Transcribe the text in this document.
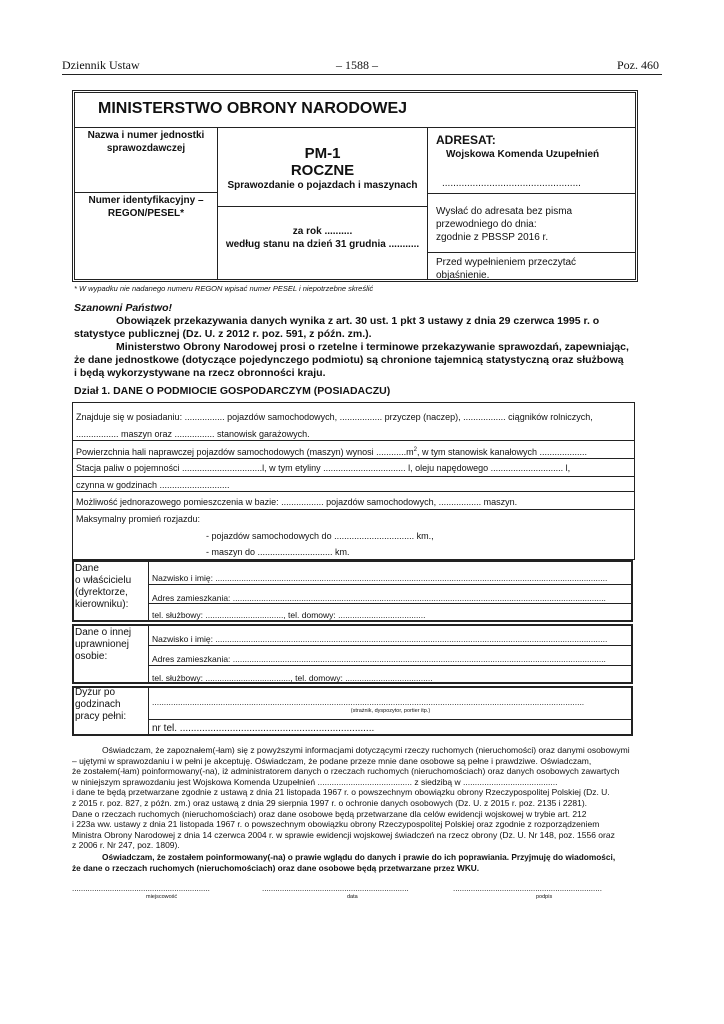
Dziennik Ustaw	– 1588 –	Poz. 460
MINISTERSTWO OBRONY NARODOWEJ
Nazwa i numer jednostki
sprawozdawczej
Numer identyfikacyjny –
REGON/PESEL*
PM-1
ROCZNE
Sprawozdanie o pojazdach i maszynach
za rok ..........
według stanu na dzień 31 grudnia ...........
ADRESAT:
Wojskowa Komenda Uzupełnień
..................................................
Wysłać do adresata bez pisma
przewodniego do dnia:
zgodnie z PBSSP 2016 r.
Przed wypełnieniem przeczytać
objaśnienie.
* W wypadku nie nadanego numeru REGON wpisać numer PESEL i niepotrzebne skreślić
Szanowni Państwo!
Obowiązek przekazywania danych wynika z art. 30 ust. 1 pkt 3 ustawy z dnia 29 czerwca 1995 r. o
statystyce publicznej (Dz. U. z 2012 r. poz. 591, z późn. zm.).
Ministerstwo Obrony Narodowej prosi o rzetelne i terminowe przekazywanie sprawozdań, zapewniając,
że dane jednostkowe (dotyczące pojedynczego podmiotu) są chronione tajemnicą statystyczną oraz służbową
i będą wykorzystywane na rzecz obronności kraju.
Dział 1. DANE O PODMIOCIE GOSPODARCZYM (POSIADACZU)
Znajduje się w posiadaniu: ................ pojazdów samochodowych, ................. przyczep (naczep), ................. ciągników rolniczych,
................. maszyn oraz ................ stanowisk garażowych.
Powierzchnia hali naprawczej pojazdów samochodowych (maszyn) wynosi $............m^2$, w tym stanowisk kanałowych ...................
Stacja paliw o pojemności ................................l, w tym etyliny ................................. l, oleju napędowego ............................. l,
czynna w godzinach ............................
Możliwość jednorazowego pomieszczenia w bazie: ................. pojazdów samochodowych, ................. maszyn.
Maksymalny promień rozjazdu:
- pojazdów samochodowych do ................................ km.,
- maszyn do .............................. km.
Dane
o właścicielu
(dyrektorze,
kierowniku):
Nazwisko i imię: ......................................................................................................................................................................
Adres zamieszkania: ..............................................................................................................................................................
tel. służbowy: ................................., tel. domowy: .....................................
Dane o innej
uprawnionej
osobie:
Nazwisko i imię: ......................................................................................................................................................................
Adres zamieszkania: ..............................................................................................................................................................
tel. służbowy: ...................................., tel. domowy: .....................................
Dyżur po
godzinach
pracy pełni:
.......................................................................................................................................................................................
(strażnik, dyspozytor, portier itp.)
nr tel. ......................................................................
Oświadczam, że zapoznałem(-łam) się z powyższymi informacjami dotyczącymi rzeczy ruchomych (nieruchomości) oraz danymi osobowymi
– ujętymi w sprawozdaniu i w pełni je akceptuję. Oświadczam, że podane przeze mnie dane osobowe są pełne i prawdziwe. Oświadczam,
że zostałem(-łam) poinformowany(-na), iż administratorem danych o rzeczach ruchomych (nieruchomościach) oraz danych osobowych zawartych
w niniejszym sprawozdaniu jest Wojskowa Komenda Uzupełnień ........................................ z siedzibą w ........................................
i dane te będą przetwarzane zgodnie z ustawą z dnia 21 listopada 1967 r. o powszechnym obowiązku obrony Rzeczypospolitej Polskiej (Dz. U.
z 2015 r. poz. 827, z późn. zm.) oraz ustawą z dnia 29 sierpnia 1997 r. o ochronie danych osobowych (Dz. U. z 2015 r. poz. 2135 i 2281).
Dane o rzeczach ruchomych (nieruchomościach) oraz dane osobowe będą przetwarzane dla celów ewidencji wojskowej w trybie art. 212
i 223a ww. ustawy z dnia 21 listopada 1967 r. o powszechnym obowiązku obrony Rzeczypospolitej Polskiej oraz zgodnie z rozporządzeniem
Ministra Obrony Narodowej z dnia 14 czerwca 2004 r. w sprawie ewidencji wojskowej świadczeń na rzecz obrony (Dz. U. Nr 148, poz. 1556 oraz
z 2006 r. Nr 247, poz. 1809).
Oświadczam, że zostałem poinformowany(-na) o prawie wglądu do danych i prawie do ich poprawiania. Przyjmuję do wiadomości,
że dane o rzeczach ruchomych (nieruchomościach) oraz dane osobowe będą przetwarzane przez WKU.
..............................................................	..................................................................	...................................................................
miejscowość	data	podpis
